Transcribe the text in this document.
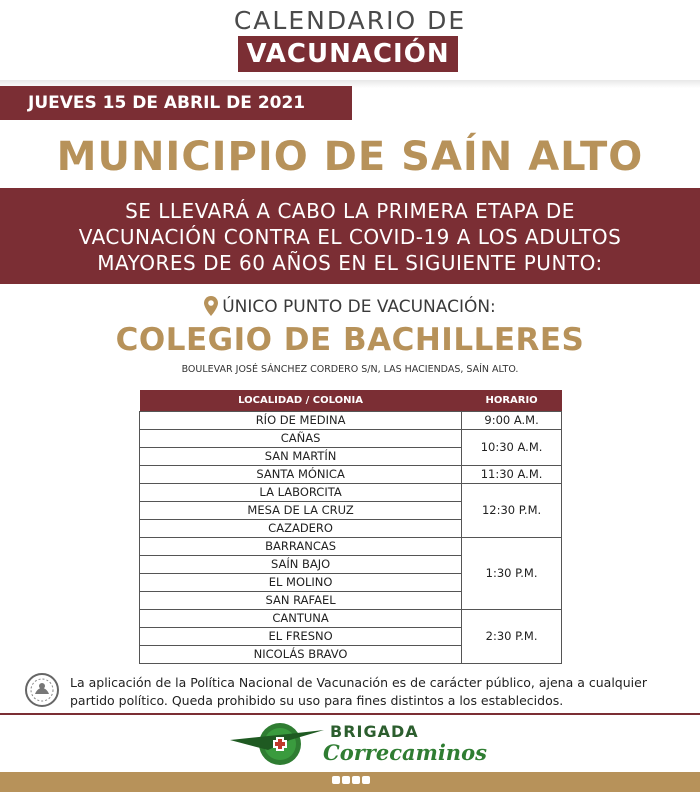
CALENDARIO DE
VACUNACIÓN
JUEVES 15 DE ABRIL DE 2021
MUNICIPIO DE SAÍN ALTO
SE LLEVARÁ A CABO LA PRIMERA ETAPA DE
VACUNACIÓN CONTRA EL COVID-19 A LOS ADULTOS
MAYORES DE 60 AÑOS EN EL SIGUIENTE PUNTO:
ÚNICO PUNTO DE VACUNACIÓN:
COLEGIO DE BACHILLERES
BOULEVAR JOSÉ SÁNCHEZ CORDERO S/N, LAS HACIENDAS, SAÍN ALTO.
LOCALIDAD / COLONIA	HORARIO
RÍO DE MEDINA	9:00 A.M.
CAÑAS	10:30 A.M.
SAN MARTÍN	
SANTA MÓNICA	11:30 A.M.
LA LABORCITA	12:30 P.M.
MESA DE LA CRUZ	
CAZADERO	
BARRANCAS	1:30 P.M.
SAÍN BAJO	
EL MOLINO	
SAN RAFAEL	
CANTUNA	2:30 P.M.
EL FRESNO	
NICOLÁS BRAVO	
La aplicación de la Política Nacional de Vacunación es de carácter público, ajena a cualquier partido político. Queda prohibido su uso para fines distintos a los establecidos.
BRIGADA
Correcaminos
